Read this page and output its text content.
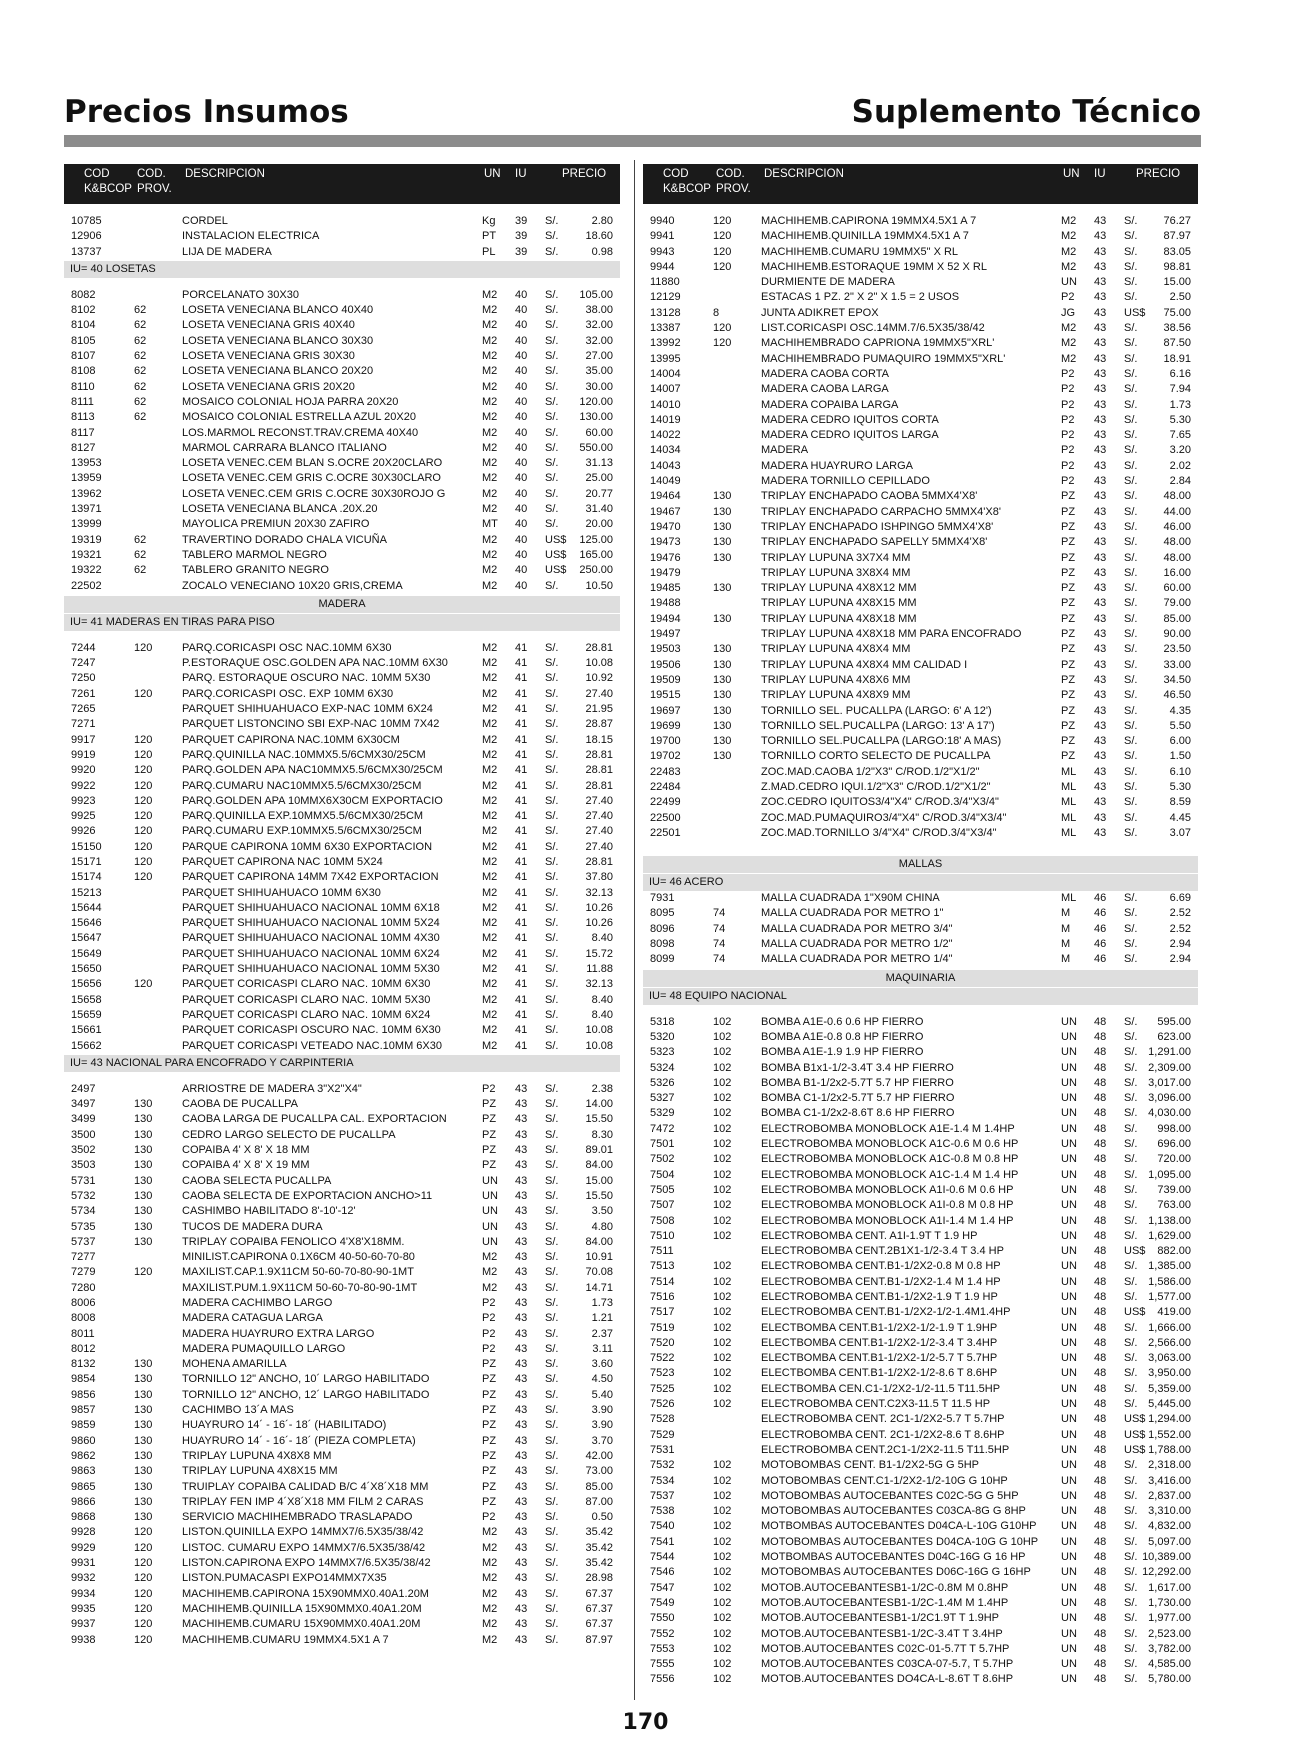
Precios Insumos	Suplemento Técnico
COD
K&BCOP
COD.
PROV.
DESCRIPCION	UN IU	PRECIO
10785	CORDEL	Kg 39 S/.	2.80
12906	INSTALACION ELECTRICA	PT 39 S/. 18.60
13737	LIJA DE MADERA	PL 39 S/.	0.98
IU= 40 LOSETAS
8082	PORCELANATO 30X30	M2 40 S/. 105.00
8102	62	LOSETA VENECIANA BLANCO 40X40	M2 40 S/. 38.00
8104	62	LOSETA VENECIANA GRIS 40X40	M2 40 S/. 32.00
8105	62	LOSETA VENECIANA BLANCO 30X30	M2 40 S/. 32.00
8107	62	LOSETA VENECIANA GRIS 30X30	M2 40 S/. 27.00
8108	62	LOSETA VENECIANA BLANCO 20X20	M2 40 S/. 35.00
8110	62	LOSETA VENECIANA GRIS 20X20	M2 40 S/. 30.00
8111	62	MOSAICO COLONIAL HOJA PARRA 20X20	M2 40 S/. 120.00
8113	62	MOSAICO COLONIAL ESTRELLA AZUL 20X20	M2 40 S/. 130.00
8117	LOS.MARMOL RECONST.TRAV.CREMA 40X40	M2 40 S/. 60.00
8127	MARMOL CARRARA BLANCO ITALIANO	M2 40 S/. 550.00
13953	LOSETA VENEC.CEM BLAN S.OCRE 20X20CLARO	M2 40 S/. 31.13
13959	LOSETA VENEC.CEM GRIS C.OCRE 30X30CLARO	M2 40 S/. 25.00
13962	LOSETA VENEC.CEM GRIS C.OCRE 30X30ROJO G	M2 40 S/. 20.77
13971	LOSETA VENECIANA BLANCA .20X.20	M2 40 S/. 31.40
13999	MAYOLICA PREMIUN 20X30 ZAFIRO	MT 40 S/. 20.00
19319	62	TRAVERTINO DORADO CHALA VICUÑA	M2 40 US$ 125.00
19321	62	TABLERO MARMOL NEGRO	M2 40 US$ 165.00
19322	62	TABLERO GRANITO NEGRO	M2 40 US$ 250.00
22502	ZOCALO VENECIANO 10X20 GRIS,CREMA	M2 40 S/. 10.50
MADERA
IU= 41 MADERAS EN TIRAS PARA PISO
7244	120	PARQ.CORICASPI OSC NAC.10MM 6X30	M2 41 S/. 28.81
7247	P.ESTORAQUE OSC.GOLDEN APA NAC.10MM 6X30	M2 41 S/. 10.08
7250	PARQ. ESTORAQUE OSCURO NAC. 10MM 5X30	M2 41 S/. 10.92
7261	120	PARQ.CORICASPI OSC. EXP 10MM 6X30	M2 41 S/. 27.40
7265	PARQUET SHIHUAHUACO EXP-NAC 10MM 6X24	M2 41 S/. 21.95
7271	PARQUET LISTONCINO SBI EXP-NAC 10MM 7X42	M2 41 S/. 28.87
9917	120	PARQUET CAPIRONA NAC.10MM 6X30CM	M2 41 S/. 18.15
9919	120	PARQ.QUINILLA NAC.10MMX5.5/6CMX30/25CM	M2 41 S/. 28.81
9920	120	PARQ.GOLDEN APA NAC10MMX5.5/6CMX30/25CM	M2 41 S/. 28.81
9922	120	PARQ.CUMARU NAC10MMX5.5/6CMX30/25CM	M2 41 S/. 28.81
9923	120	PARQ.GOLDEN APA 10MMX6X30CM EXPORTACIO	M2 41 S/. 27.40
9925	120	PARQ.QUINILLA EXP.10MMX5.5/6CMX30/25CM	M2 41 S/. 27.40
9926	120	PARQ.CUMARU EXP.10MMX5.5/6CMX30/25CM	M2 41 S/. 27.40
15150	120	PARQUE CAPIRONA 10MM 6X30 EXPORTACION	M2 41 S/. 27.40
15171	120	PARQUET CAPIRONA NAC 10MM 5X24	M2 41 S/. 28.81
15174	120	PARQUET CAPIRONA 14MM 7X42 EXPORTACION	M2 41 S/. 37.80
15213	PARQUET SHIHUAHUACO 10MM 6X30	M2 41 S/. 32.13
15644	PARQUET SHIHUAHUACO NACIONAL 10MM 6X18	M2 41 S/. 10.26
15646	PARQUET SHIHUAHUACO NACIONAL 10MM 5X24	M2 41 S/. 10.26
15647	PARQUET SHIHUAHUACO NACIONAL 10MM 4X30	M2 41 S/.	8.40
15649	PARQUET SHIHUAHUACO NACIONAL 10MM 6X24	M2 41 S/. 15.72
15650	PARQUET SHIHUAHUACO NACIONAL 10MM 5X30	M2 41 S/.	11.88
15656	120	PARQUET CORICASPI CLARO NAC. 10MM 6X30	M2 41 S/. 32.13
15658	PARQUET CORICASPI CLARO NAC. 10MM 5X30	M2 41 S/.	8.40
15659	PARQUET CORICASPI CLARO NAC. 10MM 6X24	M2 41 S/.	8.40
15661	PARQUET CORICASPI OSCURO NAC. 10MM 6X30	M2 41 S/. 10.08
15662	PARQUET CORICASPI VETEADO NAC.10MM 6X30	M2 41 S/. 10.08
IU= 43 NACIONAL PARA ENCOFRADO Y CARPINTERIA
2497	ARRIOSTRE DE MADERA 3"X2"X4"	P2 43 S/.	2.38
3497	130	CAOBA DE PUCALLPA	PZ 43 S/. 14.00
3499	130	CAOBA LARGA DE PUCALLPA CAL. EXPORTACION	PZ 43 S/. 15.50
3500	130	CEDRO LARGO SELECTO DE PUCALLPA	PZ 43 S/.	8.30
3502	130	COPAIBA 4' X 8' X 18 MM	PZ 43 S/. 89.01
3503	130	COPAIBA 4' X 8' X 19 MM	PZ 43 S/. 84.00
5731	130	CAOBA SELECTA PUCALLPA	UN 43 S/. 15.00
5732	130	CAOBA SELECTA DE EXPORTACION ANCHO>11	UN 43 S/. 15.50
5734	130	CASHIMBO HABILITADO 8'-10'-12'	UN 43 S/.	3.50
5735	130	TUCOS DE MADERA DURA	UN 43 S/.	4.80
5737	130	TRIPLAY COPAIBA FENOLICO 4'X8'X18MM.	UN 43 S/. 84.00
7277	MINILIST.CAPIRONA 0.1X6CM 40-50-60-70-80	M2 43 S/. 10.91
7279	120	MAXILIST.CAP.1.9X11CM 50-60-70-80-90-1MT	M2 43 S/. 70.08
7280	MAXILIST.PUM.1.9X11CM 50-60-70-80-90-1MT	M2 43 S/. 14.71
8006	MADERA CACHIMBO LARGO	P2 43 S/.	1.73
8008	MADERA CATAGUA LARGA	P2 43 S/.	1.21
8011	MADERA HUAYRURO EXTRA LARGO	P2 43 S/.	2.37
8012	MADERA PUMAQUILLO LARGO	P2 43 S/.	3.11
8132	130	MOHENA AMARILLA	PZ 43 S/.	3.60
9854	130	TORNILLO 12" ANCHO, 10´ LARGO HABILITADO	PZ 43 S/.	4.50
9856	130	TORNILLO 12" ANCHO, 12´ LARGO HABILITADO	PZ 43 S/.	5.40
9857	130	CACHIMBO 13´A MAS	PZ 43 S/.	3.90
9859	130	HUAYRURO 14´ - 16´- 18´ (HABILITADO)	PZ 43 S/.	3.90
9860	130	HUAYRURO 14´ - 16´- 18´ (PIEZA COMPLETA)	PZ 43 S/.	3.70
9862	130	TRIPLAY LUPUNA 4X8X8 MM	PZ 43 S/. 42.00
9863	130	TRIPLAY LUPUNA 4X8X15 MM	PZ 43 S/. 73.00
9865	130	TRUIPLAY COPAIBA CALIDAD B/C 4´X8´X18 MM	PZ 43 S/. 85.00
9866	130	TRIPLAY FEN IMP 4´X8´X18 MM FILM 2 CARAS	PZ 43 S/. 87.00
9868	130	SERVICIO MACHIHEMBRADO TRASLAPADO	P2 43 S/.	0.50
9928	120	LISTON.QUINILLA EXPO 14MMX7/6.5X35/38/42	M2 43 S/. 35.42
9929	120	LISTOC. CUMARU EXPO 14MMX7/6.5X35/38/42	M2 43 S/. 35.42
9931	120	LISTON.CAPIRONA EXPO 14MMX7/6.5X35/38/42	M2 43 S/. 35.42
9932	120	LISTON.PUMACASPI EXPO14MMX7X35	M2 43 S/. 28.98
9934	120	MACHIHEMB.CAPIRONA 15X90MMX0.40A1.20M	M2 43 S/. 67.37
9935	120	MACHIHEMB.QUINILLA 15X90MMX0.40A1.20M	M2 43 S/. 67.37
9937	120	MACHIHEMB.CUMARU 15X90MMX0.40A1.20M	M2 43 S/. 67.37
9938	120	MACHIHEMB.CUMARU 19MMX4.5X1 A 7	M2 43 S/. 87.97
COD
K&BCOP
COD.
PROV.
DESCRIPCION	UN IU	PRECIO
9940	120	MACHIHEMB.CAPIRONA 19MMX4.5X1 A 7	M2 43 S/. 76.27
9941	120	MACHIHEMB.QUINILLA 19MMX4.5X1 A 7	M2 43 S/. 87.97
9943	120	MACHIHEMB.CUMARU 19MMX5" X RL	M2 43 S/. 83.05
9944	120	MACHIHEMB.ESTORAQUE 19MM X 52 X RL	M2 43 S/. 98.81
11880	DURMIENTE DE MADERA	UN 43 S/. 15.00
12129	ESTACAS 1 PZ. 2" X 2" X 1.5 = 2 USOS	P2 43 S/.	2.50
13128	8	JUNTA ADIKRET EPOX	JG 43 US$ 75.00
13387	120	LIST.CORICASPI OSC.14MM.7/6.5X35/38/42	M2 43 S/. 38.56
13992	120	MACHIHEMBRADO CAPRIONA 19MMX5"XRL'	M2 43 S/. 87.50
13995	MACHIHEMBRADO PUMAQUIRO 19MMX5"XRL'	M2 43 S/. 18.91
14004	MADERA CAOBA CORTA	P2 43 S/.	6.16
14007	MADERA CAOBA LARGA	P2 43 S/.	7.94
14010	MADERA COPAIBA LARGA	P2 43 S/.	1.73
14019	MADERA CEDRO IQUITOS CORTA	P2 43 S/.	5.30
14022	MADERA CEDRO IQUITOS LARGA	P2 43 S/.	7.65
14034	MADERA	P2 43 S/.	3.20
14043	MADERA HUAYRURO LARGA	P2 43 S/.	2.02
14049	MADERA TORNILLO CEPILLADO	P2 43 S/.	2.84
19464	130	TRIPLAY ENCHAPADO CAOBA 5MMX4'X8'	PZ 43 S/. 48.00
19467	130	TRIPLAY ENCHAPADO CARPACHO 5MMX4'X8'	PZ 43 S/. 44.00
19470	130	TRIPLAY ENCHAPADO ISHPINGO 5MMX4'X8'	PZ 43 S/. 46.00
19473	130	TRIPLAY ENCHAPADO SAPELLY 5MMX4'X8'	PZ 43 S/. 48.00
19476	130	TRIPLAY LUPUNA 3X7X4 MM	PZ 43 S/. 48.00
19479	TRIPLAY LUPUNA 3X8X4 MM	PZ 43 S/. 16.00
19485	130	TRIPLAY LUPUNA 4X8X12 MM	PZ 43 S/. 60.00
19488	TRIPLAY LUPUNA 4X8X15 MM	PZ 43 S/. 79.00
19494	130	TRIPLAY LUPUNA 4X8X18 MM	PZ 43 S/. 85.00
19497	TRIPLAY LUPUNA 4X8X18 MM PARA ENCOFRADO	PZ 43 S/. 90.00
19503	130	TRIPLAY LUPUNA 4X8X4 MM	PZ 43 S/. 23.50
19506	130	TRIPLAY LUPUNA 4X8X4 MM CALIDAD I	PZ 43 S/. 33.00
19509	130	TRIPLAY LUPUNA 4X8X6 MM	PZ 43 S/. 34.50
19515	130	TRIPLAY LUPUNA 4X8X9 MM	PZ 43 S/. 46.50
19697	130	TORNILLO SEL. PUCALLPA (LARGO: 6' A 12')	PZ 43 S/.	4.35
19699	130	TORNILLO SEL.PUCALLPA (LARGO: 13' A 17')	PZ 43 S/.	5.50
19700	130	TORNILLO SEL.PUCALLPA (LARGO:18' A MAS)	PZ 43 S/.	6.00
19702	130	TORNILLO CORTO SELECTO DE PUCALLPA	PZ 43 S/.	1.50
22483	ZOC.MAD.CAOBA 1/2"X3" C/ROD.1/2"X1/2"	ML 43 S/.	6.10
22484	Z.MAD.CEDRO IQUI.1/2"X3" C/ROD.1/2"X1/2"	ML 43 S/.	5.30
22499	ZOC.CEDRO IQUITOS3/4"X4" C/ROD.3/4"X3/4"	ML 43 S/.	8.59
22500	ZOC.MAD.PUMAQUIRO3/4"X4" C/ROD.3/4"X3/4"	ML 43 S/.	4.45
22501	ZOC.MAD.TORNILLO 3/4"X4" C/ROD.3/4"X3/4"	ML 43 S/.	3.07
MALLAS
IU= 46 ACERO
7931	MALLA CUADRADA 1"X90M CHINA	ML 46 S/.	6.69
8095	74	MALLA CUADRADA POR METRO 1"	M 46 S/.	2.52
8096	74	MALLA CUADRADA POR METRO 3/4"	M 46 S/.	2.52
8098	74	MALLA CUADRADA POR METRO 1/2"	M 46 S/.	2.94
8099	74	MALLA CUADRADA POR METRO 1/4"	M 46 S/.	2.94
MAQUINARIA
IU= 48 EQUIPO NACIONAL
5318	102	BOMBA A1E-0.6 0.6 HP FIERRO	UN 48 S/. 595.00
5320	102	BOMBA A1E-0.8 0.8 HP FIERRO	UN 48 S/. 623.00
5323	102	BOMBA A1E-1.9 1.9 HP FIERRO	UN 48 S/. 1,291.00
5324	102	BOMBA B1x1-1/2-3.4T 3.4 HP FIERRO	UN 48 S/. 2,309.00
5326	102	BOMBA B1-1/2x2-5.7T 5.7 HP FIERRO	UN 48 S/. 3,017.00
5327	102	BOMBA C1-1/2x2-5.7T 5.7 HP FIERRO	UN 48 S/. 3,096.00
5329	102	BOMBA C1-1/2x2-8.6T 8.6 HP FIERRO	UN 48 S/. 4,030.00
7472	102	ELECTROBOMBA MONOBLOCK A1E-1.4 M 1.4HP	UN 48 S/. 998.00
7501	102	ELECTROBOMBA MONOBLOCK A1C-0.6 M 0.6 HP	UN 48 S/. 696.00
7502	102	ELECTROBOMBA MONOBLOCK A1C-0.8 M 0.8 HP	UN 48 S/. 720.00
7504	102	ELECTROBOMBA MONOBLOCK A1C-1.4 M 1.4 HP	UN 48 S/. 1,095.00
7505	102	ELECTROBOMBA MONOBLOCK A1I-0.6 M 0.6 HP	UN 48 S/. 739.00
7507	102	ELECTROBOMBA MONOBLOCK A1I-0.8 M 0.8 HP	UN 48 S/. 763.00
7508	102	ELECTROBOMBA MONOBLOCK A1I-1.4 M 1.4 HP	UN 48 S/. 1,138.00
7510	102	ELECTROBOMBA CENT. A1I-1.9T T 1.9 HP	UN 48 S/. 1,629.00
7511	ELECTROBOMBA CENT.2B1X1-1/2-3.4 T 3.4 HP	UN 48 US$ 882.00
7513	102	ELECTROBOMBA CENT.B1-1/2X2-0.8 M 0.8 HP	UN 48 S/. 1,385.00
7514	102	ELECTROBOMBA CENT.B1-1/2X2-1.4 M 1.4 HP	UN 48 S/. 1,586.00
7516	102	ELECTROBOMBA CENT.B1-1/2X2-1.9 T 1.9 HP	UN 48 S/. 1,577.00
7517	102	ELECTROBOMBA CENT.B1-1/2X2-1/2-1.4M1.4HP	UN 48 US$ 419.00
7519	102	ELECTBOMBA CENT.B1-1/2X2-1/2-1.9 T 1.9HP	UN 48 S/. 1,666.00
7520	102	ELECTBOMBA CENT.B1-1/2X2-1/2-3.4 T 3.4HP	UN 48 S/. 2,566.00
7522	102	ELECTBOMBA CENT.B1-1/2X2-1/2-5.7 T 5.7HP	UN 48 S/. 3,063.00
7523	102	ELECTBOMBA CENT.B1-1/2X2-1/2-8.6 T 8.6HP	UN 48 S/. 3,950.00
7525	102	ELECTBOMBA CEN.C1-1/2X2-1/2-11.5 T11.5HP	UN 48 S/. 5,359.00
7526	102	ELECTROBOMBA CENT.C2X3-11.5 T 11.5 HP	UN 48 S/. 5,445.00
7528	ELECTROBOMBA CENT. 2C1-1/2X2-5.7 T 5.7HP	UN 48 US$ 1,294.00
7529	ELECTROBOMBA CENT. 2C1-1/2X2-8.6 T 8.6HP	UN 48 US$ 1,552.00
7531	ELECTROBOMBA CENT.2C1-1/2X2-11.5 T11.5HP	UN 48 US$ 1,788.00
7532	102	MOTOBOMBAS CENT. B1-1/2X2-5G G 5HP	UN 48 S/. 2,318.00
7534	102	MOTOBOMBAS CENT.C1-1/2X2-1/2-10G G 10HP	UN 48 S/. 3,416.00
7537	102	MOTOBOMBAS AUTOCEBANTES C02C-5G G 5HP	UN 48 S/. 2,837.00
7538	102	MOTOBOMBAS AUTOCEBANTES C03CA-8G G 8HP	UN 48 S/. 3,310.00
7540	102	MOTBOMBAS AUTOCEBANTES D04CA-L-10G G10HP UN 48 S/. 4,832.00
7541	102	MOTOBOMBAS AUTOCEBANTES D04CA-10G G 10HP UN 48 S/. 5,097.00
7544	102	MOTBOMBAS AUTOCEBANTES D04C-16G G 16 HP	UN 48 S/. 10,389.00
7546	102	MOTOBOMBAS AUTOCEBANTES D06C-16G G 16HP	UN 48 S/. 12,292.00
7547	102	MOTOB.AUTOCEBANTESB1-1/2C-0.8M M 0.8HP	UN 48 S/. 1,617.00
7549	102	MOTOB.AUTOCEBANTESB1-1/2C-1.4M M 1.4HP	UN 48 S/. 1,730.00
7550	102	MOTOB.AUTOCEBANTESB1-1/2C1.9T T 1.9HP	UN 48 S/. 1,977.00
7552	102	MOTOB.AUTOCEBANTESB1-1/2C-3.4T T 3.4HP	UN 48 S/. 2,523.00
7553	102	MOTOB.AUTOCEBANTES C02C-01-5.7T T 5.7HP	UN 48 S/. 3,782.00
7555	102	MOTOB.AUTOCEBANTES C03CA-07-5.7, T 5.7HP	UN 48 S/. 4,585.00
7556	102	MOTOB.AUTOCEBANTES DO4CA-L-8.6T T 8.6HP	UN 48 S/. 5,780.00
170
